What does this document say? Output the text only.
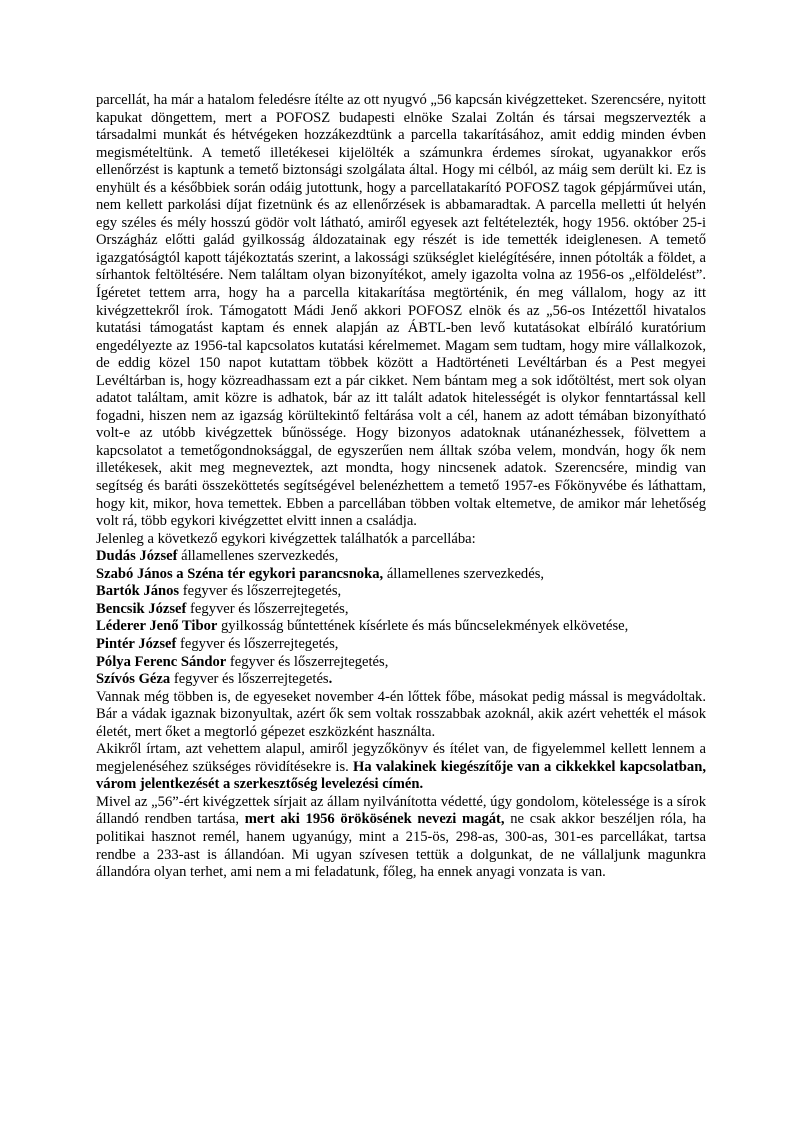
parcellát, ha már a hatalom feledésre ítélte az ott nyugvó „56 kapcsán kivégzetteket. Szerencsére, nyitott kapukat döngettem, mert a POFOSZ budapesti elnöke Szalai Zoltán és társai megszervezték a társadalmi munkát és hétvégeken hozzákezdtünk a parcella takarításához, amit eddig minden évben megismételtünk. A temető illetékesei kijelölték a számunkra érdemes sírokat, ugyanakkor erős ellenőrzést is kaptunk a temető biztonsági szolgálata által. Hogy mi célból, az máig sem derült ki. Ez is enyhült és a későbbiek során odáig jutottunk, hogy a parcellatakarító POFOSZ tagok gépjárművei után, nem kellett parkolási díjat fizetnünk és az ellenőrzések is abbamaradtak. A parcella melletti út helyén egy széles és mély hosszú gödör volt látható, amiről egyesek azt feltételezték, hogy 1956. október 25-i Országház előtti galád gyilkosság áldozatainak egy részét is ide temették ideiglenesen. A temető igazgatóságtól kapott tájékoztatás szerint, a lakossági szükséglet kielégítésére, innen pótolták a földet, a sírhantok feltöltésére. Nem találtam olyan bizonyítékot, amely igazolta volna az 1956-os „elföldelést”. Ígéretet tettem arra, hogy ha a parcella kitakarítása megtörténik, én meg vállalom, hogy az itt kivégzettekről írok. Támogatott Mádi Jenő akkori POFOSZ elnök és az „56-os Intézettől hivatalos kutatási támogatást kaptam és ennek alapján az ÁBTL-ben levő kutatásokat elbíráló kuratórium engedélyezte az 1956-tal kapcsolatos kutatási kérelmemet. Magam sem tudtam, hogy mire vállalkozok, de eddig közel 150 napot kutattam többek között a Hadtörténeti Levéltárban és a Pest megyei Levéltárban is, hogy közreadhassam ezt a pár cikket. Nem bántam meg a sok időtöltést, mert sok olyan adatot találtam, amit közre is adhatok, bár az itt talált adatok hitelességét is olykor fenntartással kell fogadni, hiszen nem az igazság körültekintő feltárása volt a cél, hanem az adott témában bizonyítható volt-e az utóbb kivégzettek bűnössége. Hogy bizonyos adatoknak utánanézhessek, fölvettem a kapcsolatot a temetőgondnoksággal, de egyszerűen nem álltak szóba velem, mondván, hogy ők nem illetékesek, akit meg megneveztek, azt mondta, hogy nincsenek adatok. Szerencsére, mindig van segítség és baráti összeköttetés segítségével belenézhettem a temető 1957-es Főkönyvébe és láthattam, hogy kit, mikor, hova temettek. Ebben a parcellában többen voltak eltemetve, de amikor már lehetőség volt rá, több egykori kivégzettet elvitt innen a családja.

Jelenleg a következő egykori kivégzettek találhatók a parcellába:

Dudás József államellenes szervezkedés,

Szabó János a Széna tér egykori parancsnoka, államellenes szervezkedés,

Bartók János fegyver és lőszerrejtegetés,

Bencsik József fegyver és lőszerrejtegetés,

Léderer Jenő Tibor gyilkosság bűntettének kísérlete és más bűncselekmények elkövetése,

Pintér József fegyver és lőszerrejtegetés,

Pólya Ferenc Sándor fegyver és lőszerrejtegetés,

Szívós Géza fegyver és lőszerrejtegetés.

Vannak még többen is, de egyeseket november 4-én lőttek főbe, másokat pedig mással is megvádoltak. Bár a vádak igaznak bizonyultak, azért ők sem voltak rosszabbak azoknál, akik azért vehették el mások életét, mert őket a megtorló gépezet eszközként használta.

Akikről írtam, azt vehettem alapul, amiről jegyzőkönyv és ítélet van, de figyelemmel kellett lennem a megjelenéséhez szükséges rövidítésekre is. Ha valakinek kiegészítője van a cikkekkel kapcsolatban, várom jelentkezését a szerkesztőség levelezési címén.

Mivel az „56”-ért kivégzettek sírjait az állam nyilvánította védetté, úgy gondolom, kötelessége is a sírok állandó rendben tartása, mert aki 1956 örökösének nevezi magát, ne csak akkor beszéljen róla, ha politikai hasznot remél, hanem ugyanúgy, mint a 215-ös, 298-as, 300-as, 301-es parcellákat, tartsa rendbe a 233-ast is állandóan. Mi ugyan szívesen tettük a dolgunkat, de ne vállaljunk magunkra állandóra olyan terhet, ami nem a mi feladatunk, főleg, ha ennek anyagi vonzata is van.
